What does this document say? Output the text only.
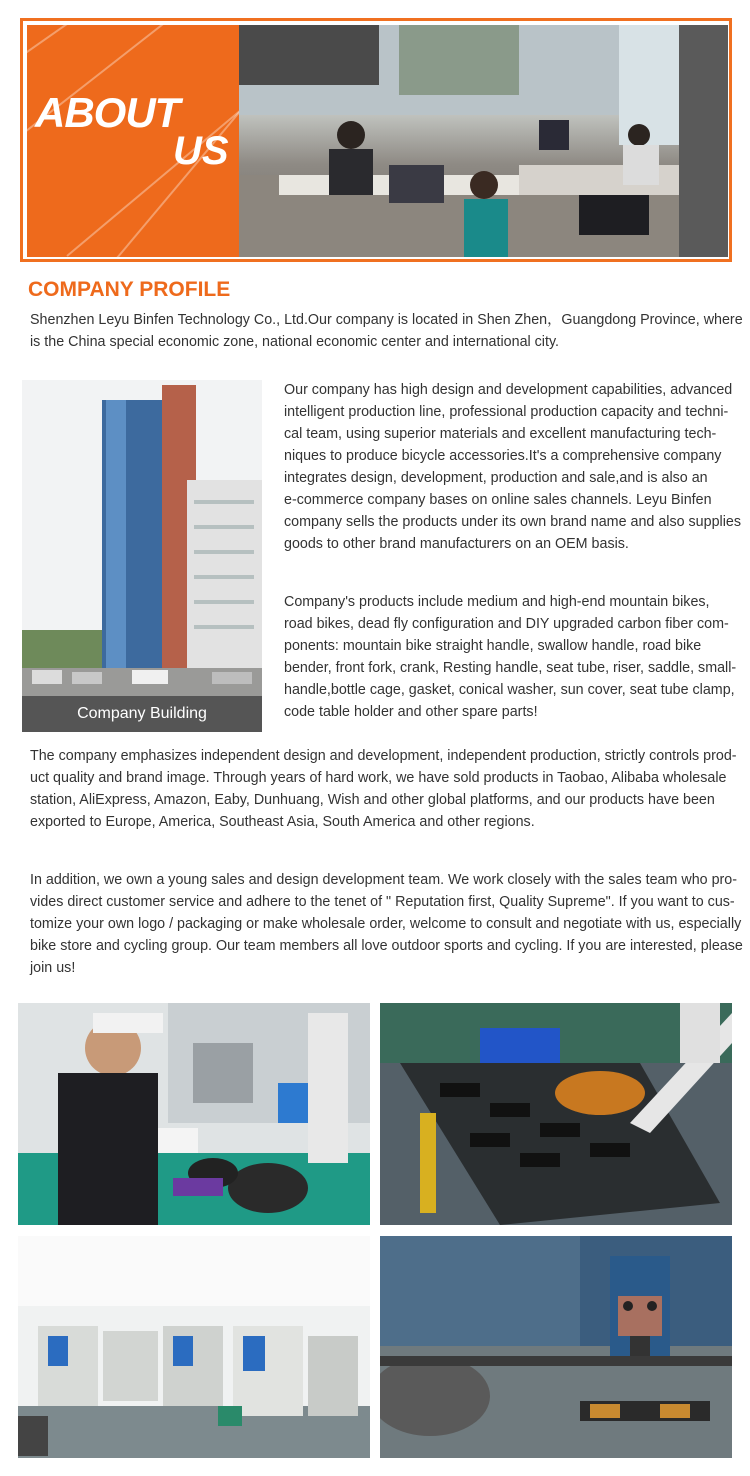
ABOUT
US
COMPANY PROFILE

Shenzhen Leyu Binfen Technology Co., Ltd.Our company is located in Shen Zhen，Guangdong Province, where

is the China special economic zone, national economic center and international city.

Company Building

Our company has high design and development capabilities, advanced

intelligent production line, professional production capacity and techni-

cal team, using superior materials and excellent manufacturing tech-

niques to produce bicycle accessories.It's a comprehensive company

integrates design, development, production and sale,and is also an

e-commerce company bases on online sales channels. Leyu Binfen

company sells the products under its own brand name and also supplies

goods to other brand manufacturers on an OEM basis.

Company's products include medium and high-end mountain bikes,

road bikes, dead fly configuration and DIY upgraded carbon fiber com-

ponents: mountain bike straight handle, swallow handle, road bike

bender, front fork, crank, Resting handle, seat tube, riser, saddle, small-

handle,bottle cage, gasket, conical washer, sun cover, seat tube clamp,

code table holder and other spare parts!

The company emphasizes independent design and development, independent production, strictly controls prod-

uct quality and brand image. Through years of hard work, we have sold products in Taobao, Alibaba wholesale

station, AliExpress, Amazon, Eaby, Dunhuang, Wish and other global platforms, and our products have been

exported to Europe, America, Southeast Asia, South America and other regions.

In addition, we own a young sales and design development team. We work closely with the sales team who pro-

vides direct customer service and adhere to the tenet of " Reputation first, Quality Supreme". If you want to cus-

tomize your own logo / packaging or make wholesale order, welcome to consult and negotiate with us, especially

bike store and cycling group. Our team members all love outdoor sports and cycling. If you are interested, please

join us!
